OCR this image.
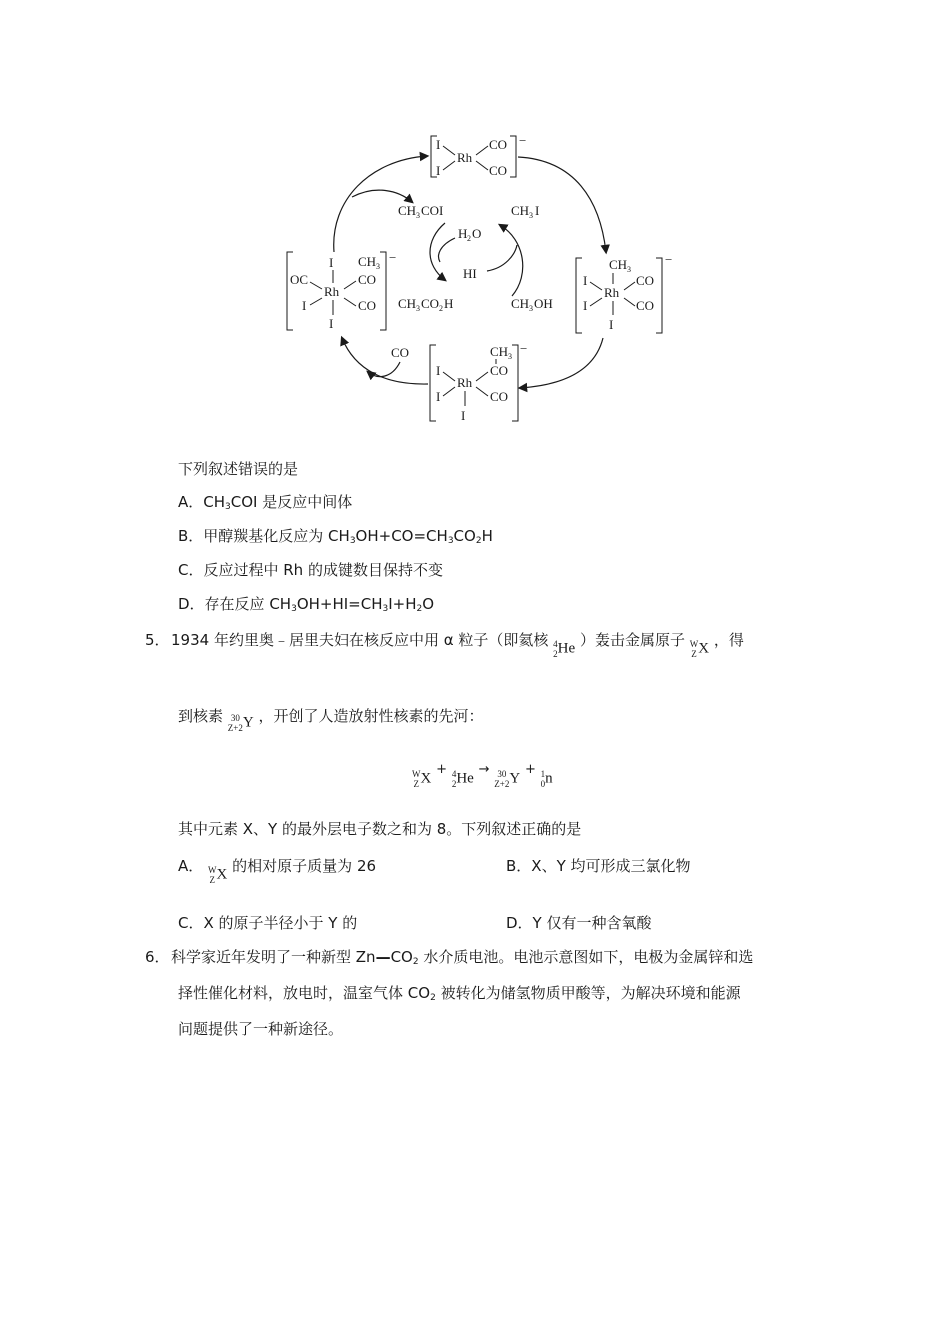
I
I
Rh
CO
CO
−
CH 3
I
I
Rh
CO
CO
I
−
CH 3
−
I
I
Rh
CO
CO
I
I
OC
Rh
CH 3
CO
CO
−
I
I
CH 3 COI
H 2 O
HI
CH 3 CO 2 H
CH 3 I
CH 3 OH
CO
下列叙述错误的是
A．$CH_3COI$ 是反应中间体
B．甲醇羰基化反应为 $CH_3OH+CO=CH_3CO_2H$
C．反应过程中 Rh 的成键数目保持不变
D．存在反应 $CH_3OH+HI=CH_3I+H_2O$
5． 1934 年约里奥﹣居里夫妇在核反应中用 α 粒子（即氦核 4
2He ）轰击金属原子 W
Z X ，得
到核素 30
Z+2Y ，开创了人造放射性核素的先河：
W
Z X + 4
2He → 30
Z+2Y + 1
0n
其中元素 X、Y 的最外层电子数之和为 8。下列叙述正确的是
A． W
Z X 的相对原子质量为 26	B．X、Y 均可形成三氯化物
C．X 的原子半径小于 Y 的	D．Y 仅有一种含氧酸
6． 科学家近年发明了一种新型 $Zn—CO_2$ 水介质电池。电池示意图如下，电极为金属锌和选
择性催化材料，放电时，温室气体 $CO_2$ 被转化为储氢物质甲酸等，为解决环境和能源
问题提供了一种新途径。
